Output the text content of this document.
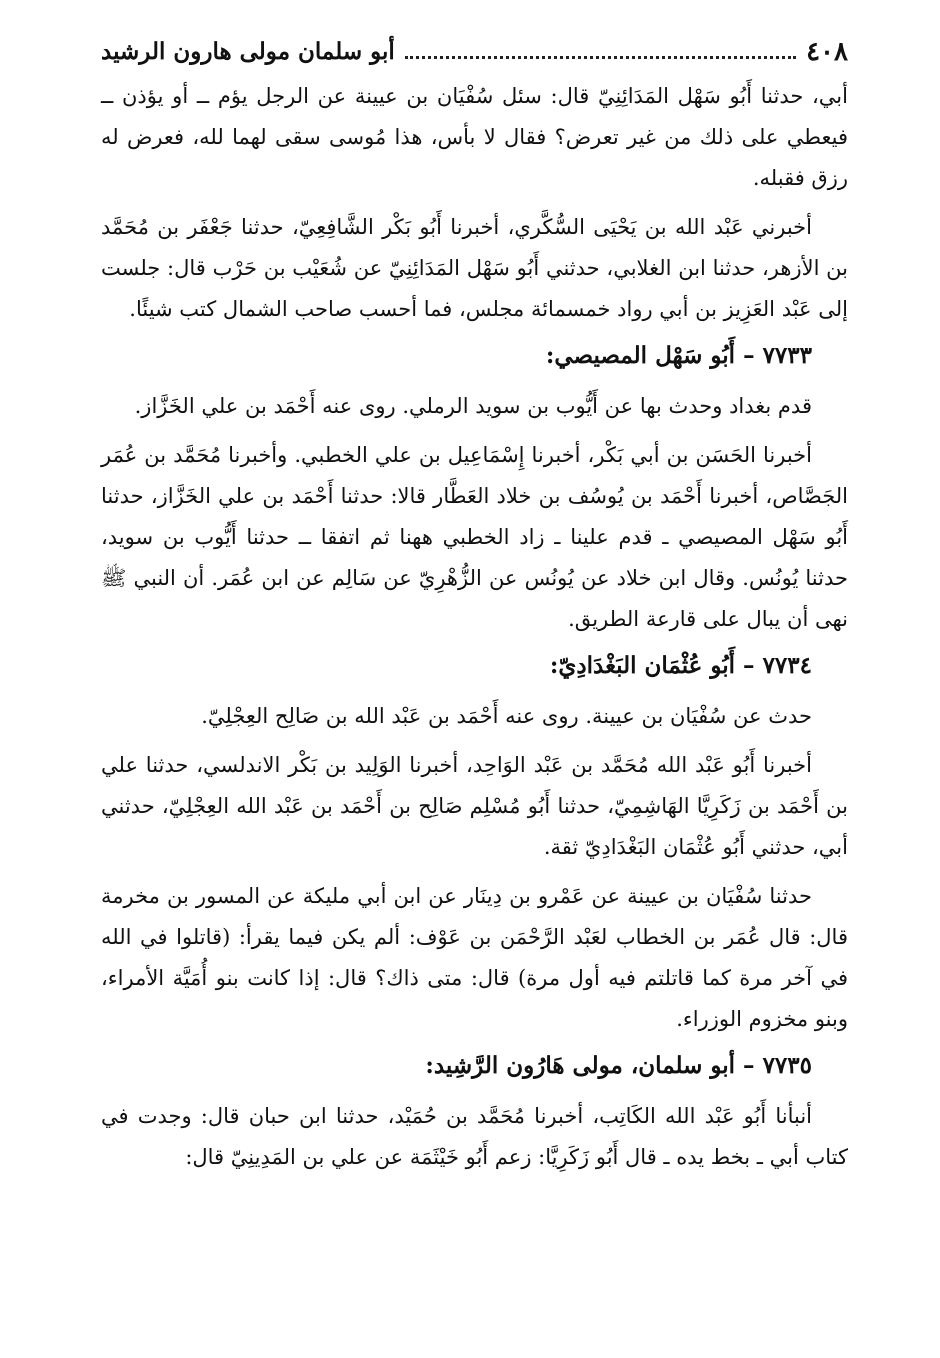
٤٠٨
أبو سلمان مولى هارون الرشيد

أبي، حدثنا أَبُو سَهْل المَدَائِنِيّ قال: سئل سُفْيَان بن عيينة عن الرجل يؤم ــ أو يؤذن ــ فيعطي على ذلك من غير تعرض؟ فقال لا بأس، هذا مُوسى سقى لهما لله، فعرض له رزق فقبله.

أخبرني عَبْد الله بن يَحْيَى السُّكَّري، أخبرنا أَبُو بَكْر الشَّافِعِيّ، حدثنا جَعْفَر بن مُحَمَّد بن الأزهر، حدثنا ابن الغلابي، حدثني أَبُو سَهْل المَدَائِنِيّ عن شُعَيْب بن حَرْب قال: جلست إلى عَبْد العَزِيز بن أبي رواد خمسمائة مجلس، فما أحسب صاحب الشمال كتب شيئًا.

٧٧٣٣ – أَبُو سَهْل المصيصي:

قدم بغداد وحدث بها عن أَيُّوب بن سويد الرملي. روى عنه أَحْمَد بن علي الخَزَّاز.

أخبرنا الحَسَن بن أبي بَكْر، أخبرنا إِسْمَاعِيل بن علي الخطبي. وأخبرنا مُحَمَّد بن عُمَر الجَصَّاص، أخبرنا أَحْمَد بن يُوسُف بن خلاد العَطَّار قالا: حدثنا أَحْمَد بن علي الخَزَّاز، حدثنا أَبُو سَهْل المصيصي ـ قدم علينا ـ زاد الخطبي ههنا ثم اتفقا ــ حدثنا أَيُّوب بن سويد، حدثنا يُونُس. وقال ابن خلاد عن يُونُس عن الزُّهْرِيّ عن سَالِم عن ابن عُمَر. أن النبي ﷺ نهى أن يبال على قارعة الطريق.

٧٧٣٤ – أَبُو عُثْمَان البَغْدَادِيّ:

حدث عن سُفْيَان بن عيينة. روى عنه أَحْمَد بن عَبْد الله بن صَالِح العِجْلِيّ.

أخبرنا أَبُو عَبْد الله مُحَمَّد بن عَبْد الوَاحِد، أخبرنا الوَلِيد بن بَكْر الاندلسي، حدثنا علي بن أَحْمَد بن زَكَرِيَّا الهَاشِمِيّ، حدثنا أَبُو مُسْلِم صَالِح بن أَحْمَد بن عَبْد الله العِجْلِيّ، حدثني أبي، حدثني أَبُو عُثْمَان البَغْدَادِيّ ثقة.

حدثنا سُفْيَان بن عيينة عن عَمْرو بن دِينَار عن ابن أبي مليكة عن المسور بن مخرمة قال: قال عُمَر بن الخطاب لعَبْد الرَّحْمَن بن عَوْف: ألم يكن فيما يقرأ: (قاتلوا في الله في آخر مرة كما قاتلتم فيه أول مرة) قال: متى ذاك؟ قال: إذا كانت بنو أُمَيَّة الأمراء، وبنو مخزوم الوزراء.

٧٧٣٥ – أبو سلمان، مولى هَارُون الرَّشِيد:

أنبأنا أَبُو عَبْد الله الكَاتِب، أخبرنا مُحَمَّد بن حُمَيْد، حدثنا ابن حبان قال: وجدت في كتاب أبي ـ بخط يده ـ قال أَبُو زَكَرِيَّا: زعم أَبُو خَيْثَمَة عن علي بن المَدِينِيّ قال:
